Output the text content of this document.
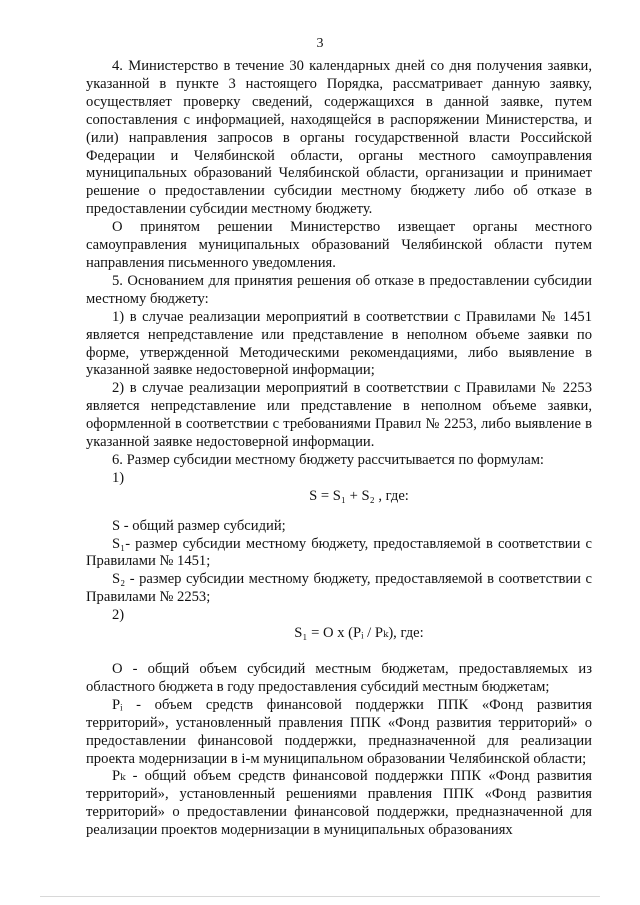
3

4. Министерство в течение 30 календарных дней со дня получения заявки, указанной в пункте 3 настоящего Порядка, рассматривает данную заявку, осуществляет проверку сведений, содержащихся в данной заявке, путем сопоставления с информацией, находящейся в распоряжении Министерства, и (или) направления запросов в органы государственной власти Российской Федерации и Челябинской области, органы местного самоуправления муниципальных образований Челябинской области, организации и принимает решение о предоставлении субсидии местному бюджету либо об отказе в предоставлении субсидии местному бюджету.

О принятом решении Министерство извещает органы местного самоуправления муниципальных образований Челябинской области путем направления письменного уведомления.

5. Основанием для принятия решения об отказе в предоставлении субсидии местному бюджету:

1) в случае реализации мероприятий в соответствии с Правилами № 1451 является непредставление или представление в неполном объеме заявки по форме, утвержденной Методическими рекомендациями, либо выявление в указанной заявке недостоверной информации;

2) в случае реализации мероприятий в соответствии с Правилами № 2253 является непредставление или представление в неполном объеме заявки, оформленной в соответствии с требованиями Правил № 2253, либо выявление в указанной заявке недостоверной информации.

6. Размер субсидии местному бюджету рассчитывается по формулам:

1)

S = S₁ + S₂ , где:

S - общий размер субсидий;

S₁- размер субсидии местному бюджету, предоставляемой в соответствии с Правилами № 1451;

S₂ - размер субсидии местному бюджету, предоставляемой в соответствии с Правилами № 2253;

2)

S₁ = O x (Pᵢ / Pₖ), где:

О - общий объем субсидий местным бюджетам, предоставляемых из областного бюджета в году предоставления субсидий местным бюджетам;

Pᵢ - объем средств финансовой поддержки ППК «Фонд развития территорий», установленный правления ППК «Фонд развития территорий» о предоставлении финансовой поддержки, предназначенной для реализации проекта модернизации в i-м муниципальном образовании Челябинской области;

Pₖ - общий объем средств финансовой поддержки ППК «Фонд развития территорий», установленный решениями правления ППК «Фонд развития территорий» о предоставлении финансовой поддержки, предназначенной для реализации проектов модернизации в муниципальных образованиях
